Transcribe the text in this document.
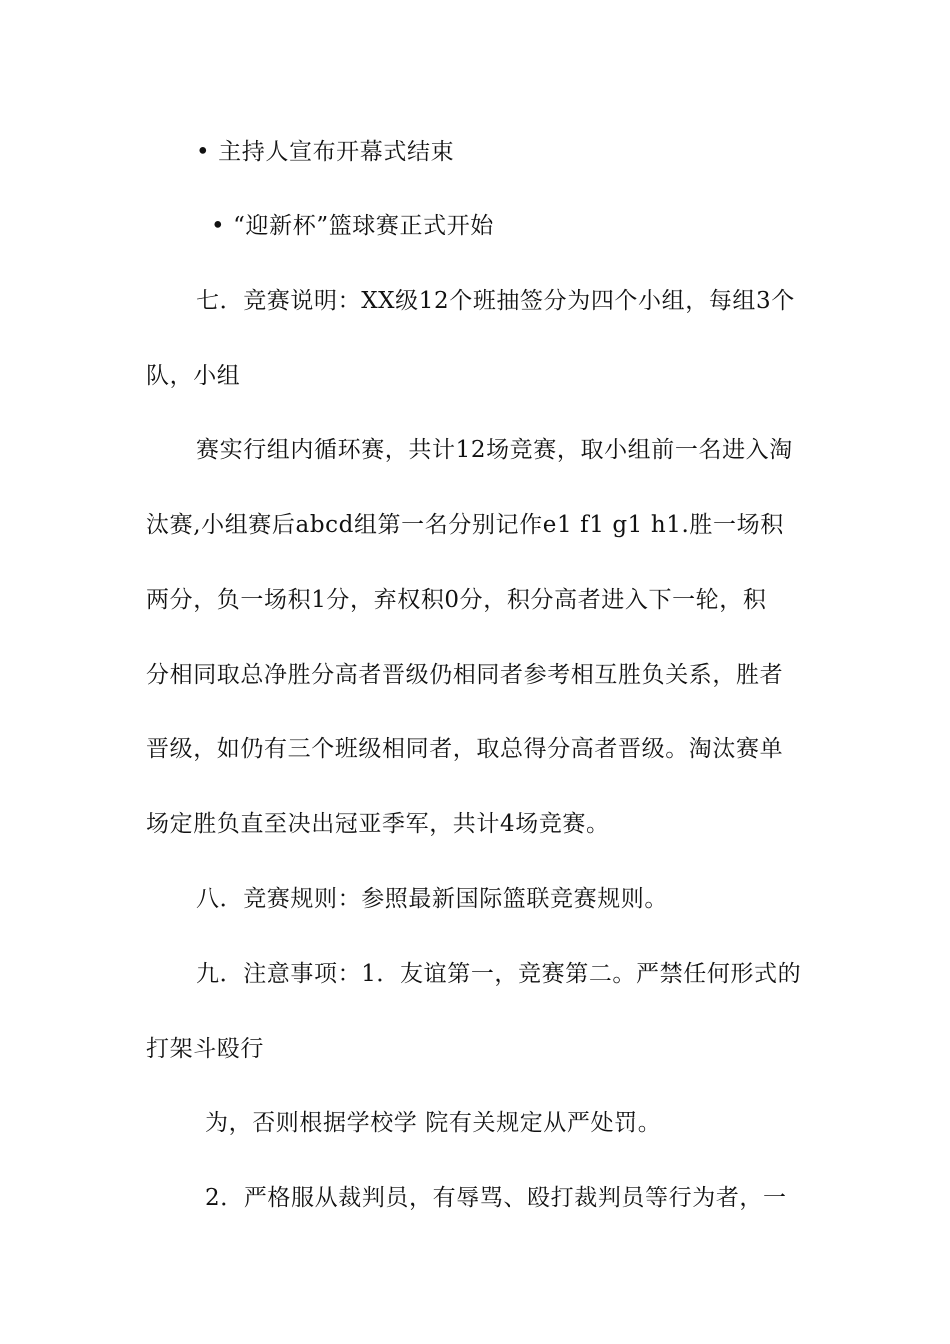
• 主持人宣布开幕式结束
• “迎新杯”篮球赛正式开始
七．竞赛说明：XX级12个班抽签分为四个小组，每组3个
队，小组
赛实行组内循环赛，共计12场竞赛，取小组前一名进入淘
汰赛,小组赛后abcd组第一名分别记作e1 f1 g1 h1.胜一场积
两分，负一场积1分，弃权积0分，积分高者进入下一轮，积
分相同取总净胜分高者晋级仍相同者参考相互胜负关系，胜者
晋级，如仍有三个班级相同者，取总得分高者晋级。淘汰赛单
场定胜负直至决出冠亚季军，共计4场竞赛。
八．竞赛规则：参照最新国际篮联竞赛规则。
九．注意事项：1．友谊第一，竞赛第二。严禁任何形式的
打架斗殴行
为，否则根据学校学 院有关规定从严处罚。
2．严格服从裁判员，有辱骂、殴打裁判员等行为者，一
